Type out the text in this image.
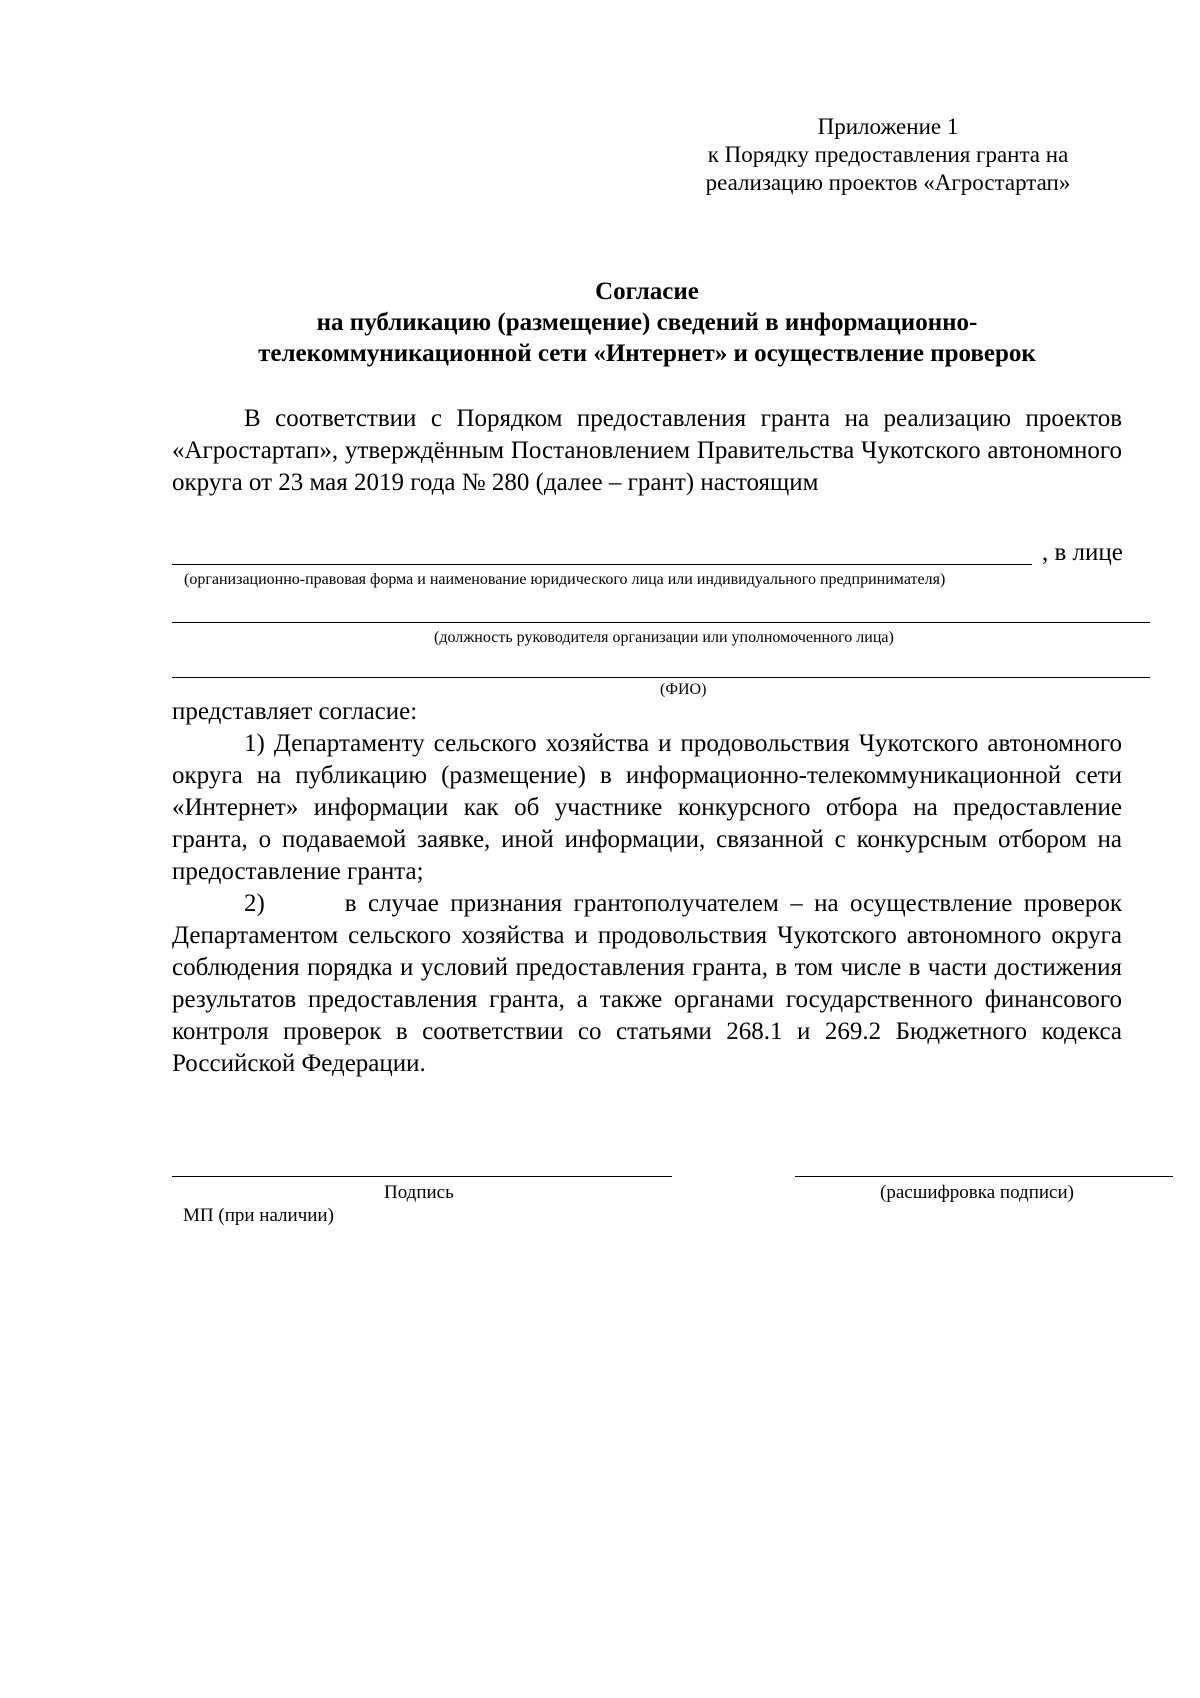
Приложение 1
к Порядку предоставления гранта на
реализацию проектов «Агростартап»
Согласие
на публикацию (размещение) сведений в информационно-
телекоммуникационной сети «Интернет» и осуществление проверок

В соответствии с Порядком предоставления гранта на реализацию проектов «Агростартап», утверждённым Постановлением Правительства Чукотского автономного округа от 23 мая 2019 года № 280 (далее – грант) настоящим

, в лице
(организационно-правовая форма и наименование юридического лица или индивидуального предпринимателя)
(должность руководителя организации или уполномоченного лица)
(ФИО)

представляет согласие:

1) Департаменту сельского хозяйства и продовольствия Чукотского автономного округа на публикацию (размещение) в информационно-телекоммуникационной сети «Интернет» информации как об участнике конкурсного отбора на предоставление гранта, о подаваемой заявке, иной информации, связанной с конкурсным отбором на предоставление гранта;

2)       в случае признания грантополучателем – на осуществление проверок Департаментом сельского хозяйства и продовольствия Чукотского автономного округа соблюдения порядка и условий предоставления гранта, в том числе в части достижения результатов предоставления гранта, а также органами государственного финансового контроля проверок в соответствии со статьями 268.1 и 269.2 Бюджетного кодекса Российской Федерации.

Подпись	(расшифровка подписи)
МП (при наличии)
